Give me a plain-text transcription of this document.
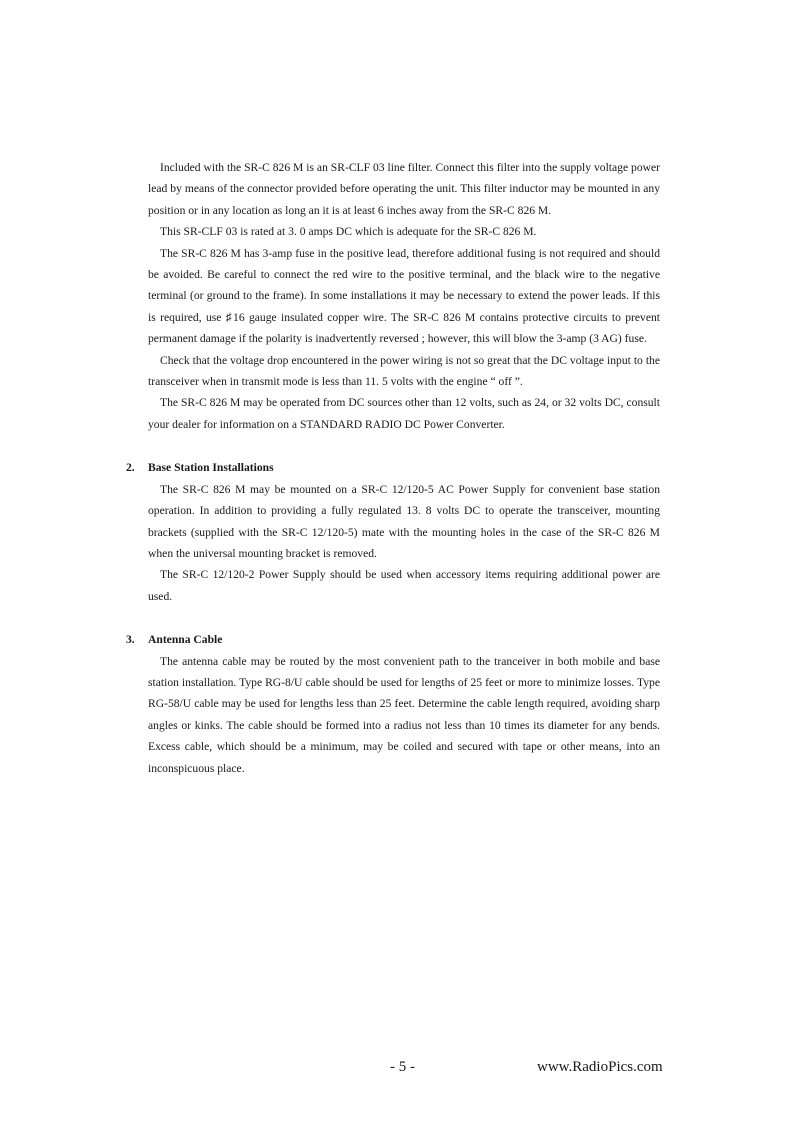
Included with the SR-C 826 M is an SR-CLF 03 line filter. Connect this filter into the supply voltage power lead by means of the connector provided before operating the unit. This filter inductor may be mounted in any position or in any location as long an it is at least 6 inches away from the SR-C 826 M.

This SR-CLF 03 is rated at 3. 0 amps DC which is adequate for the SR-C 826 M.

The SR-C 826 M has 3-amp fuse in the positive lead, therefore additional fusing is not required and should be avoided. Be careful to connect the red wire to the positive terminal, and the black wire to the negative terminal (or ground to the frame). In some installations it may be necessary to extend the power leads. If this is required, use ♯16 gauge insulated copper wire. The SR-C 826 M contains protective circuits to prevent permanent damage if the polarity is inadvertently reversed ; however, this will blow the 3-amp (3 AG) fuse.

Check that the voltage drop encountered in the power wiring is not so great that the DC voltage input to the transceiver when in transmit mode is less than 11. 5 volts with the engine “ off ”.

The SR-C 826 M may be operated from DC sources other than 12 volts, such as 24, or 32 volts DC, consult your dealer for information on a STANDARD RADIO DC Power Converter.

2. Base Station Installations

The SR-C 826 M may be mounted on a SR-C 12/120-5 AC Power Supply for convenient base station operation. In addition to providing a fully regulated 13. 8 volts DC to operate the transceiver, mounting brackets (supplied with the SR-C 12/120-5) mate with the mounting holes in the case of the SR-C 826 M when the universal mounting bracket is removed.

The SR-C 12/120-2 Power Supply should be used when accessory items requiring additional power are used.

3. Antenna Cable

The antenna cable may be routed by the most convenient path to the tranceiver in both mobile and base station installation. Type RG-8/U cable should be used for lengths of 25 feet or more to minimize losses. Type RG-58/U cable may be used for lengths less than 25 feet. Determine the cable length required, avoiding sharp angles or kinks. The cable should be formed into a radius not less than 10 times its diameter for any bends. Excess cable, which should be a minimum, may be coiled and secured with tape or other means, into an inconspicuous place.

- 5 -	www.RadioPics.com
